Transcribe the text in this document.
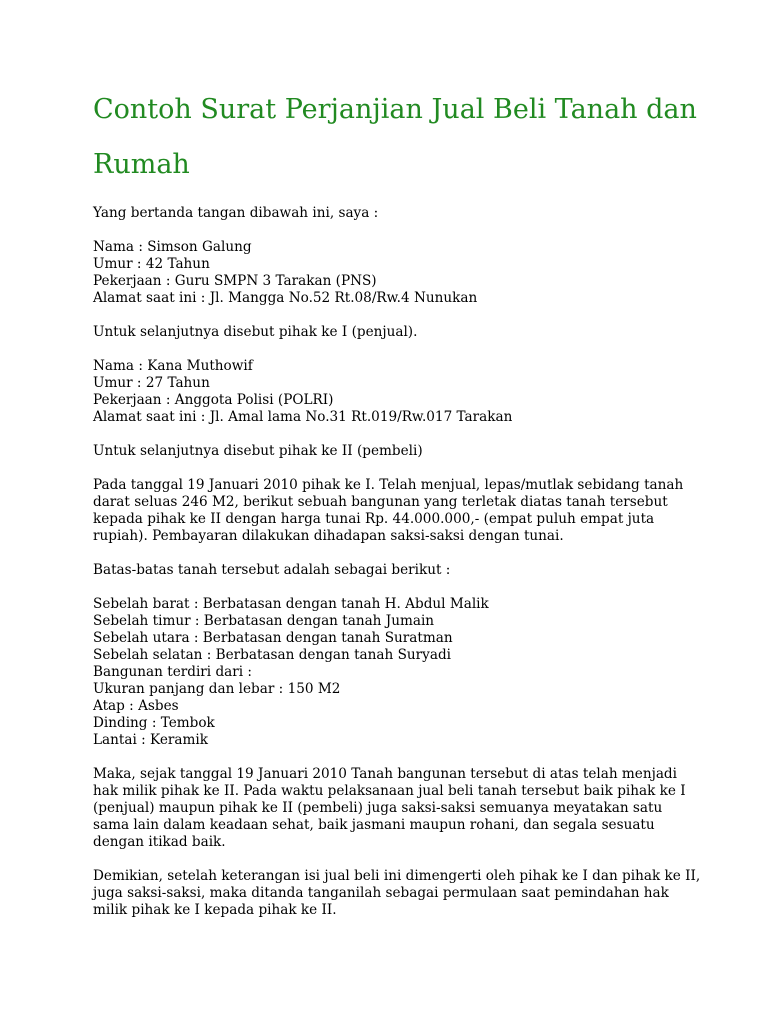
Contoh Surat Perjanjian Jual Beli Tanah dan Rumah
Yang bertanda tangan dibawah ini, saya :
Nama : Simson Galung
Umur : 42 Tahun
Pekerjaan : Guru SMPN 3 Tarakan (PNS)
Alamat saat ini : Jl. Mangga No.52 Rt.08/Rw.4 Nunukan
Untuk selanjutnya disebut pihak ke I (penjual).
Nama : Kana Muthowif
Umur : 27 Tahun
Pekerjaan : Anggota Polisi (POLRI)
Alamat saat ini : Jl. Amal lama No.31 Rt.019/Rw.017 Tarakan
Untuk selanjutnya disebut pihak ke II (pembeli)
Pada tanggal 19 Januari 2010 pihak ke I. Telah menjual, lepas/mutlak sebidang tanah
darat seluas 246 M2, berikut sebuah bangunan yang terletak diatas tanah tersebut
kepada pihak ke II dengan harga tunai Rp. 44.000.000,- (empat puluh empat juta
rupiah). Pembayaran dilakukan dihadapan saksi-saksi dengan tunai.
Batas-batas tanah tersebut adalah sebagai berikut :
Sebelah barat : Berbatasan dengan tanah H. Abdul Malik
Sebelah timur : Berbatasan dengan tanah Jumain
Sebelah utara : Berbatasan dengan tanah Suratman
Sebelah selatan : Berbatasan dengan tanah Suryadi
Bangunan terdiri dari :
Ukuran panjang dan lebar : 150 M2
Atap : Asbes
Dinding : Tembok
Lantai : Keramik
Maka, sejak tanggal 19 Januari 2010 Tanah bangunan tersebut di atas telah menjadi
hak milik pihak ke II. Pada waktu pelaksanaan jual beli tanah tersebut baik pihak ke I
(penjual) maupun pihak ke II (pembeli) juga saksi-saksi semuanya meyatakan satu
sama lain dalam keadaan sehat, baik jasmani maupun rohani, dan segala sesuatu
dengan itikad baik.
Demikian, setelah keterangan isi jual beli ini dimengerti oleh pihak ke I dan pihak ke II,
juga saksi-saksi, maka ditanda tanganilah sebagai permulaan saat pemindahan hak
milik pihak ke I kepada pihak ke II.
